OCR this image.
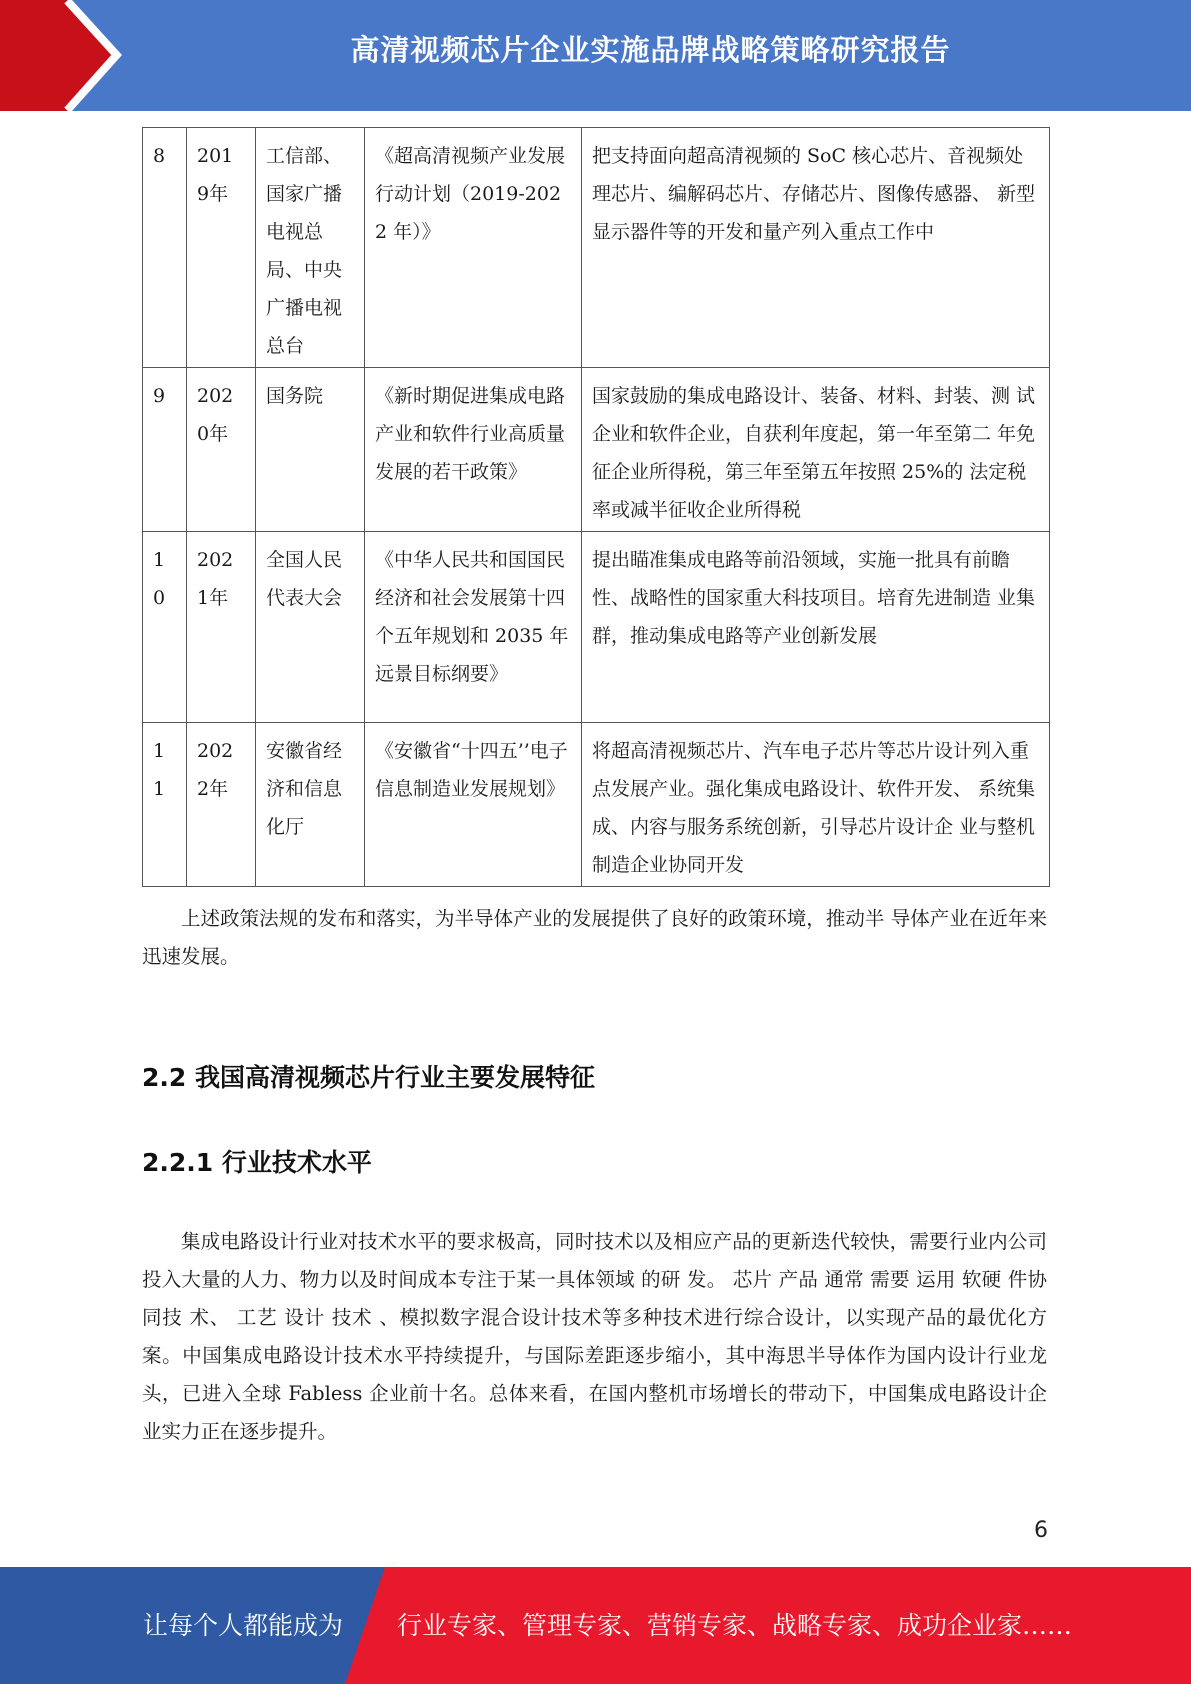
高清视频芯片企业实施品牌战略策略研究报告
8	2019年	工信部、国家广播电视总局、中央广播电视总台	《超高清视频产业发展行动计划（2019-2022 年）》	把支持面向超高清视频的 SoC 核心芯片、音视频处理芯片、编解码芯片、存储芯片、图像传感器、 新型显示器件等的开发和量产列入重点工作中
9	2020年	国务院	《新时期促进集成电路产业和软件行业高质量发展的若干政策》	国家鼓励的集成电路设计、装备、材料、封装、测 试企业和软件企业，自获利年度起，第一年至第二 年免征企业所得税，第三年至第五年按照 25%的 法定税率或减半征收企业所得税
10	2021年	全国人民代表大会	《中华人民共和国国民经济和社会发展第十四个五年规划和 2035 年远景目标纲要》	提出瞄准集成电路等前沿领域，实施一批具有前瞻性、战略性的国家重大科技项目。培育先进制造 业集群，推动集成电路等产业创新发展
11	2022年	安徽省经济和信息化厅	《安徽省“十四五’’电子信息制造业发展规划》	将超高清视频芯片、汽车电子芯片等芯片设计列入重点发展产业。强化集成电路设计、软件开发、 系统集成、内容与服务系统创新，引导芯片设计企 业与整机制造企业协同开发

上述政策法规的发布和落实，为半导体产业的发展提供了良好的政策环境，推动半 导体产业在近年来迅速发展。

2.2 我国高清视频芯片行业主要发展特征
2.2.1 行业技术水平

集成电路设计行业对技术水平的要求极高，同时技术以及相应产品的更新迭代较快，需要行业内公司投入大量的人力、物力以及时间成本专注于某一具体领域 的研 发。 芯片 产品 通常 需要 运用 软硬 件协 同技 术、 工艺 设计 技术 、模拟数字混合设计技术等多种技术进行综合设计，以实现产品的最优化方案。中国集成电路设计技术水平持续提升，与国际差距逐步缩小，其中海思半导体作为国内设计行业龙头，已进入全球 Fabless 企业前十名。总体来看，在国内整机市场增长的带动下，中国集成电路设计企业实力正在逐步提升。

6
让每个人都能成为 行业专家、管理专家、营销专家、战略专家、成功企业家……
